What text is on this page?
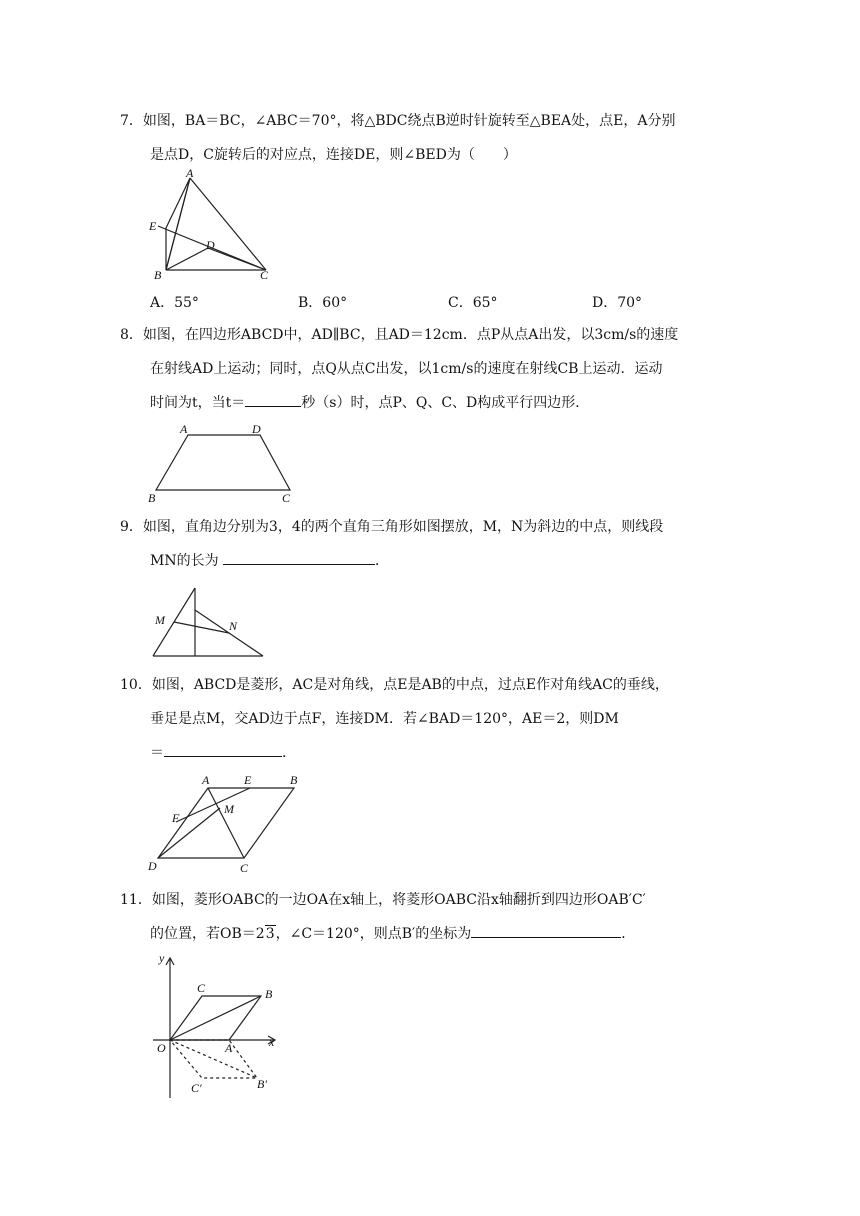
7．如图，BA＝BC，∠ABC＝70°，将△BDC绕点B逆时针旋转至△BEA处，点E，A分别

是点D，C旋转后的对应点，连接DE，则∠BED为（　　）

A
E
D
B	C
A．55°	B．60°	C．65°	D．70°

8．如图，在四边形ABCD中，AD∥BC，且AD＝12cm．点P从点A出发，以3cm/s的速度

在射线AD上运动；同时，点Q从点C出发，以1cm/s的速度在射线CB上运动．运动

时间为t，当t＝	秒（s）时，点P、Q、C、D构成平行四边形．

A	D
B	C

9．如图，直角边分别为3，4的两个直角三角形如图摆放，M，N为斜边的中点，则线段

MN的长为	．

M	N

10．如图，ABCD是菱形，AC是对角线，点E是AB的中点，过点E作对角线AC的垂线，

垂足是点M，交AD边于点F，连接DM．若∠BAD＝120°，AE＝2，则DM

＝	．

A	E	B
F
M
D	C

11．如图，菱形OABC的一边OA在x轴上，将菱形OABC沿x轴翻折到四边形OAB′C′

的位置，若OB＝23，∠C＝120°，则点B′的坐标为	．

y
x
O	A
C	B
C′	B′
